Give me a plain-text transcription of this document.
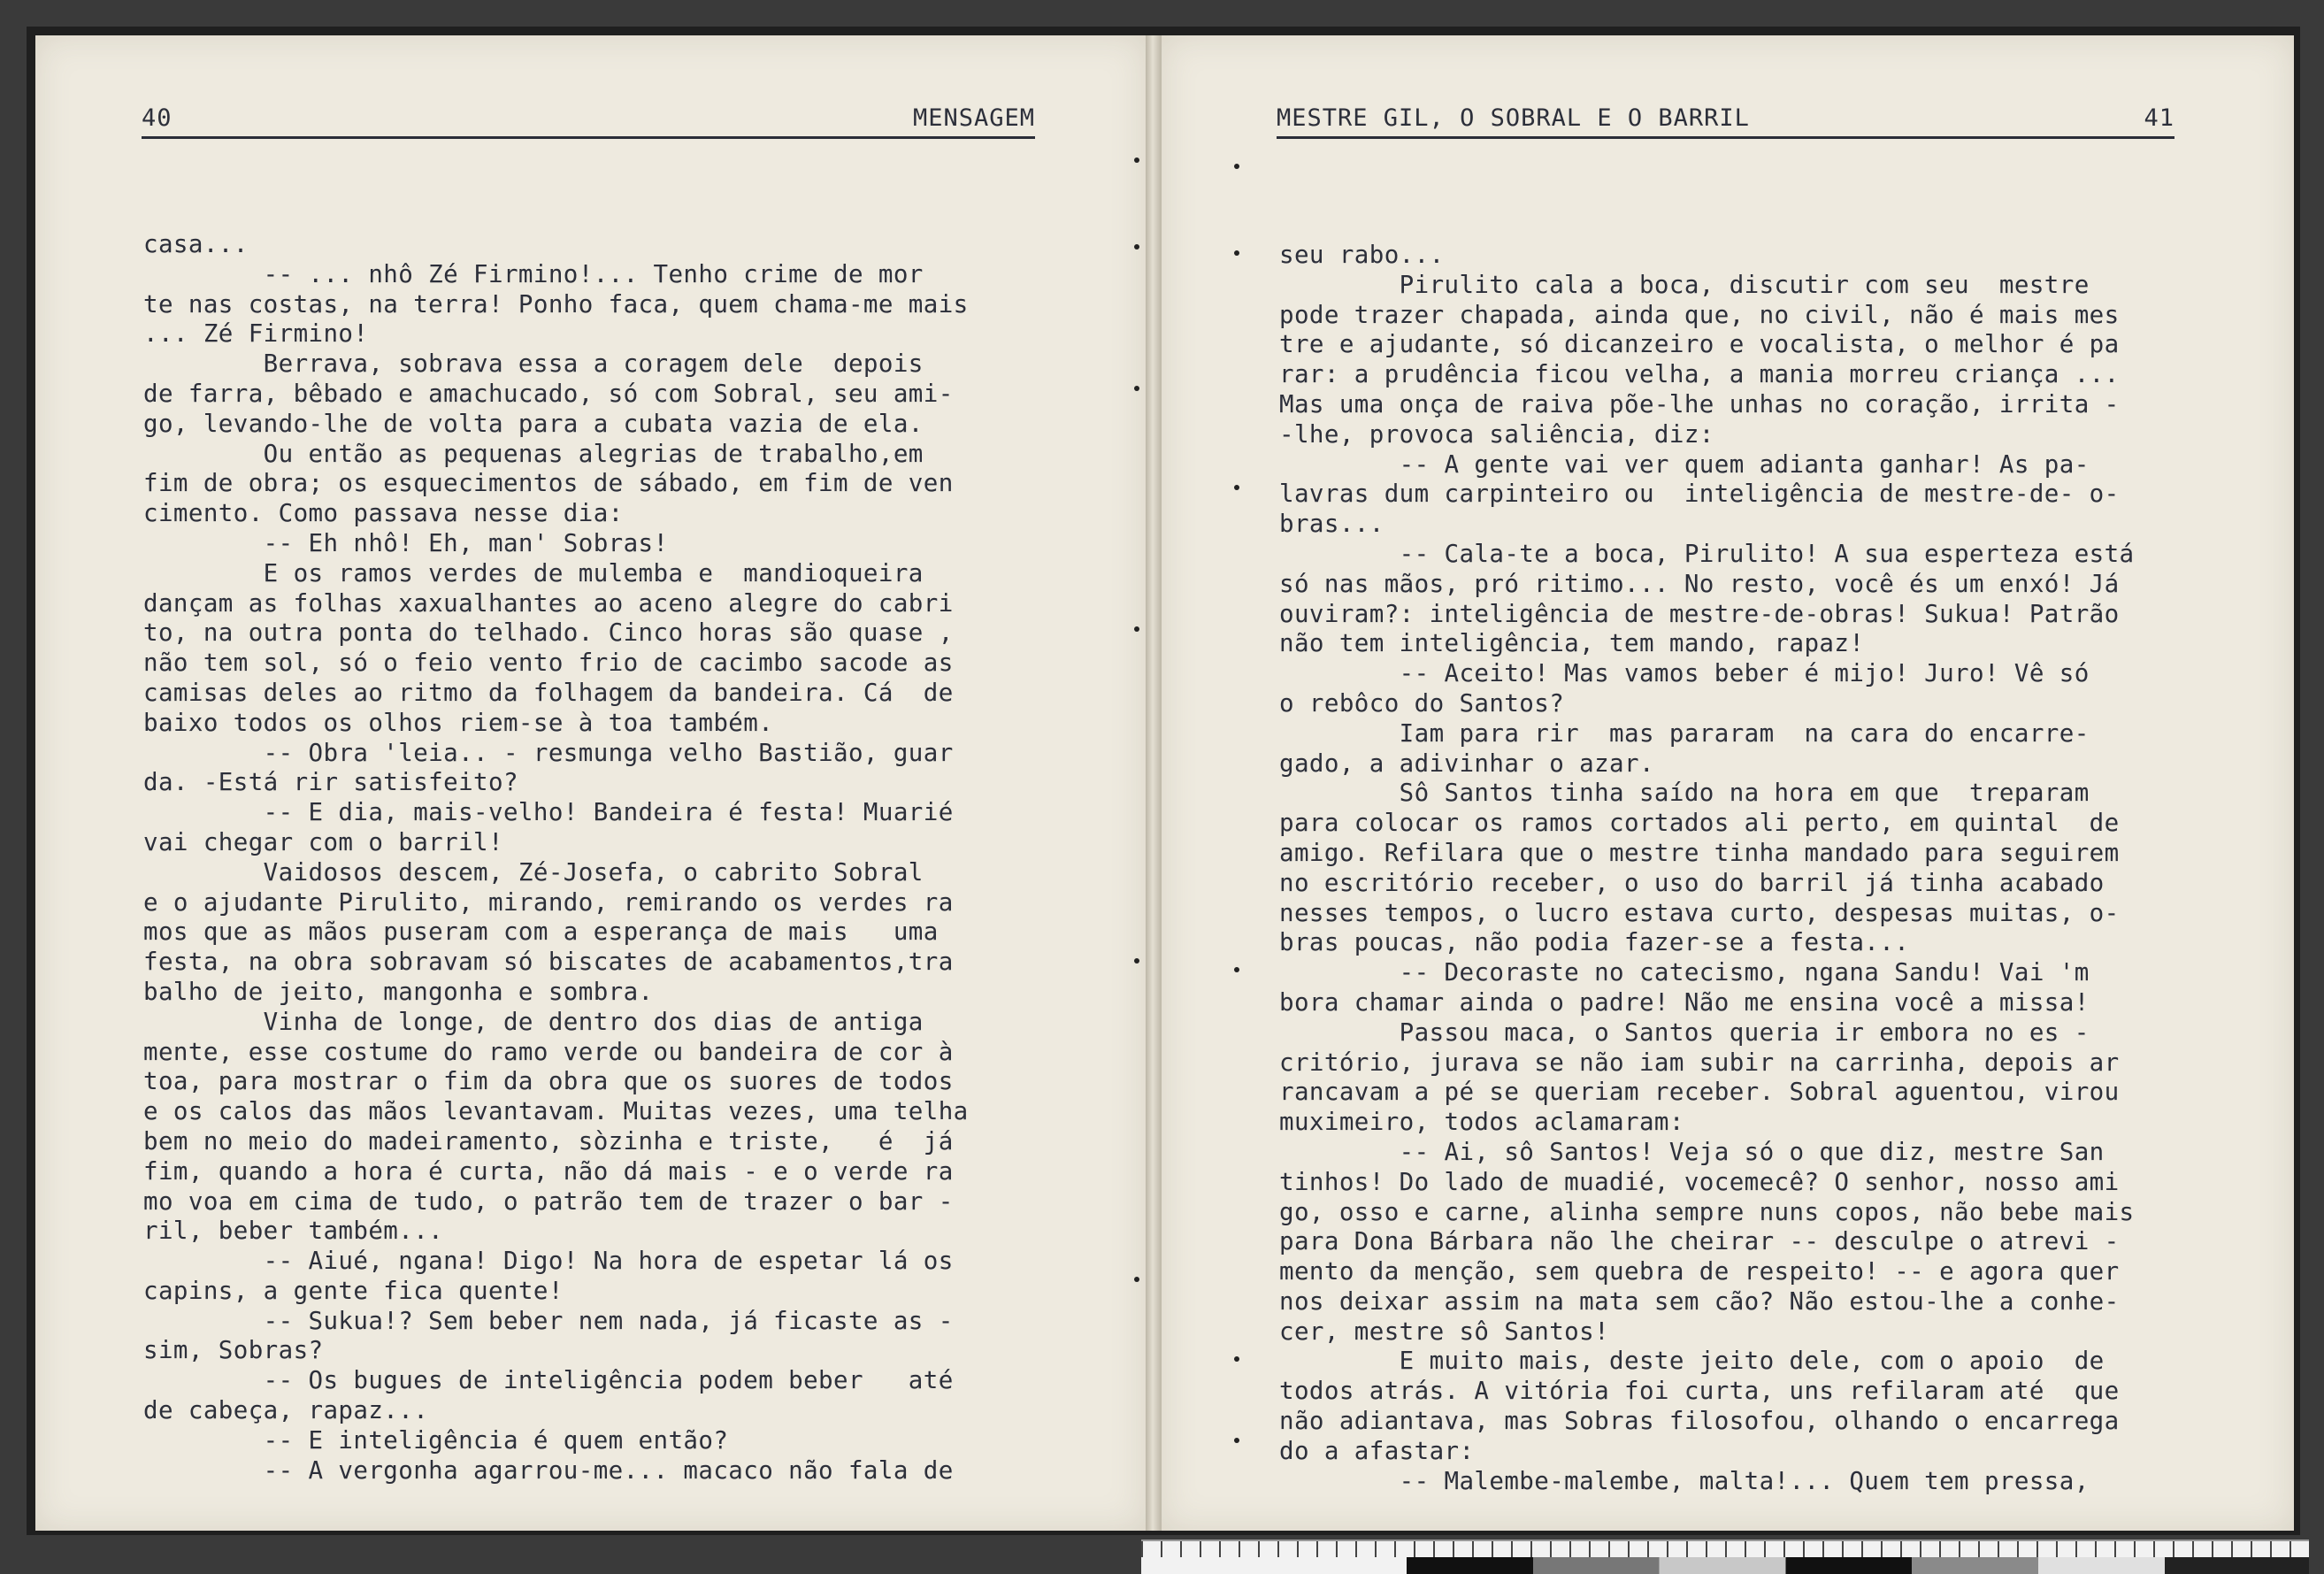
40	MENSAGEM
casa...
-- ... nhô Zé Firmino!... Tenho crime de mor
te nas costas, na terra! Ponho faca, quem chama-me mais
... Zé Firmino!
Berrava, sobrava essa a coragem dele  depois
de farra, bêbado e amachucado, só com Sobral, seu ami-
go, levando-lhe de volta para a cubata vazia de ela.
Ou então as pequenas alegrias de trabalho,em
fim de obra; os esquecimentos de sábado, em fim de ven
cimento. Como passava nesse dia:
-- Eh nhô! Eh, man' Sobras!
E os ramos verdes de mulemba e  mandioqueira
dançam as folhas xaxualhantes ao aceno alegre do cabri
to, na outra ponta do telhado. Cinco horas são quase ,
não tem sol, só o feio vento frio de cacimbo sacode as
camisas deles ao ritmo da folhagem da bandeira. Cá  de
baixo todos os olhos riem-se à toa também.
-- Obra 'leia.. - resmunga velho Bastião, guar
da. -Está rir satisfeito?
-- E dia, mais-velho! Bandeira é festa! Muarié
vai chegar com o barril!
Vaidosos descem, Zé-Josefa, o cabrito Sobral
e o ajudante Pirulito, mirando, remirando os verdes ra
mos que as mãos puseram com a esperança de mais   uma
festa, na obra sobravam só biscates de acabamentos,tra
balho de jeito, mangonha e sombra.
Vinha de longe, de dentro dos dias de antiga
mente, esse costume do ramo verde ou bandeira de cor à
toa, para mostrar o fim da obra que os suores de todos
e os calos das mãos levantavam. Muitas vezes, uma telha
bem no meio do madeiramento, sòzinha e triste,   é  já
fim, quando a hora é curta, não dá mais - e o verde ra
mo voa em cima de tudo, o patrão tem de trazer o bar -
ril, beber também...
-- Aiué, ngana! Digo! Na hora de espetar lá os
capins, a gente fica quente!
-- Sukua!? Sem beber nem nada, já ficaste as -
sim, Sobras?
-- Os bugues de inteligência podem beber   até
de cabeça, rapaz...
-- E inteligência é quem então?
-- A vergonha agarrou-me... macaco não fala de
MESTRE GIL, O SOBRAL E O BARRIL	41
seu rabo...
Pirulito cala a boca, discutir com seu  mestre
pode trazer chapada, ainda que, no civil, não é mais mes
tre e ajudante, só dicanzeiro e vocalista, o melhor é pa
rar: a prudência ficou velha, a mania morreu criança ...
Mas uma onça de raiva põe-lhe unhas no coração, irrita -
-lhe, provoca saliência, diz:
-- A gente vai ver quem adianta ganhar! As pa-
lavras dum carpinteiro ou  inteligência de mestre-de- o-
bras...
-- Cala-te a boca, Pirulito! A sua esperteza está
só nas mãos, pró ritimo... No resto, você és um enxó! Já
ouviram?: inteligência de mestre-de-obras! Sukua! Patrão
não tem inteligência, tem mando, rapaz!
-- Aceito! Mas vamos beber é mijo! Juro! Vê só
o rebôco do Santos?
Iam para rir  mas pararam  na cara do encarre-
gado, a adivinhar o azar.
Sô Santos tinha saído na hora em que  treparam
para colocar os ramos cortados ali perto, em quintal  de
amigo. Refilara que o mestre tinha mandado para seguirem
no escritório receber, o uso do barril já tinha acabado
nesses tempos, o lucro estava curto, despesas muitas, o-
bras poucas, não podia fazer-se a festa...
-- Decoraste no catecismo, ngana Sandu! Vai 'm
bora chamar ainda o padre! Não me ensina você a missa!
Passou maca, o Santos queria ir embora no es -
critório, jurava se não iam subir na carrinha, depois ar
rancavam a pé se queriam receber. Sobral aguentou, virou
muximeiro, todos aclamaram:
-- Ai, sô Santos! Veja só o que diz, mestre San
tinhos! Do lado de muadié, vocemecê? O senhor, nosso ami
go, osso e carne, alinha sempre nuns copos, não bebe mais
para Dona Bárbara não lhe cheirar -- desculpe o atrevi -
mento da menção, sem quebra de respeito! -- e agora quer
nos deixar assim na mata sem cão? Não estou-lhe a conhe-
cer, mestre sô Santos!
E muito mais, deste jeito dele, com o apoio  de
todos atrás. A vitória foi curta, uns refilaram até  que
não adiantava, mas Sobras filosofou, olhando o encarrega
do a afastar:
-- Malembe-malembe, malta!... Quem tem pressa,
